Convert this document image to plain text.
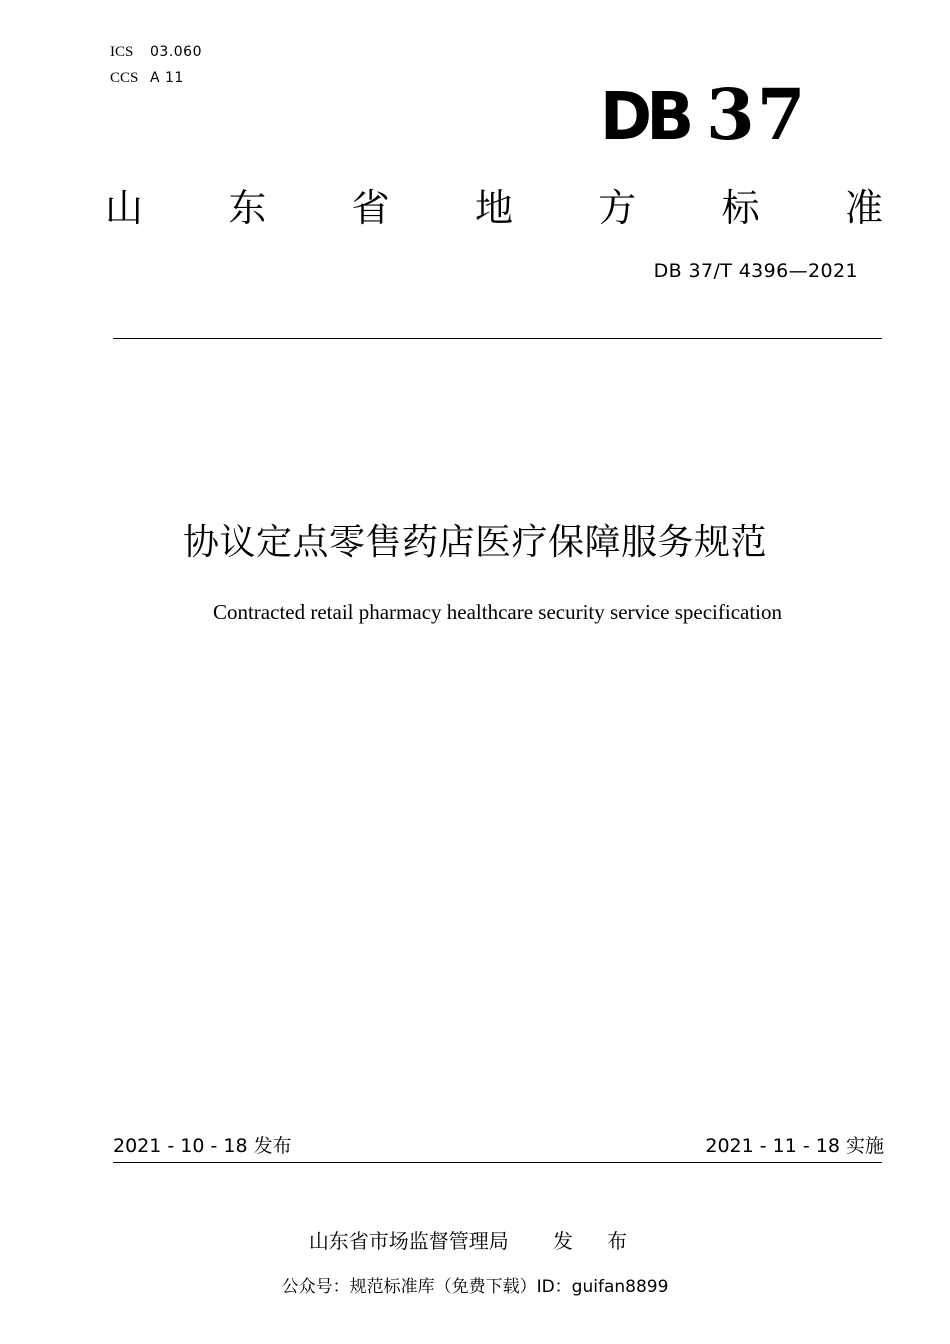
ICS	03.060
CCS A 11	DB 37
山 东 省 地 方 标 准
DB 37/T 4396—2021
协议定点零售药店医疗保障服务规范
Contracted retail pharmacy healthcare security service specification
2021 - 10 - 18 发布	2021 - 11 - 18 实施
山东省市场监督管理局 发 布
公众号：规范标准库（免费下载）ID：guifan8899
